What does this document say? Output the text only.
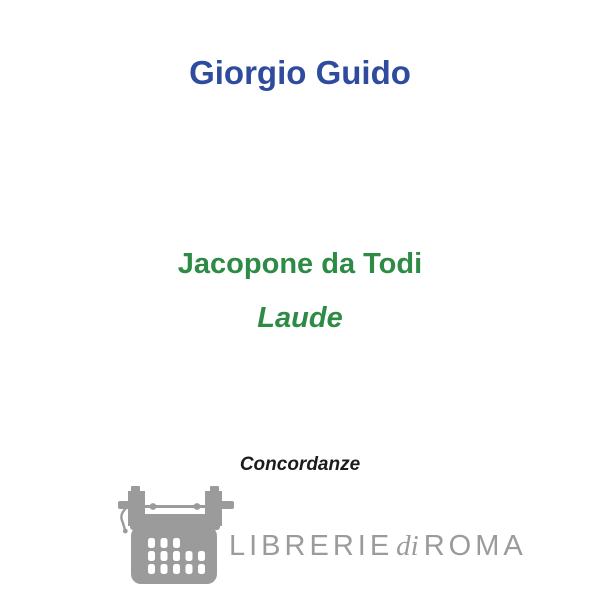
Giorgio Guido
Jacopone da Todi
Laude
Concordanze
LIBRERIE di ROMA
